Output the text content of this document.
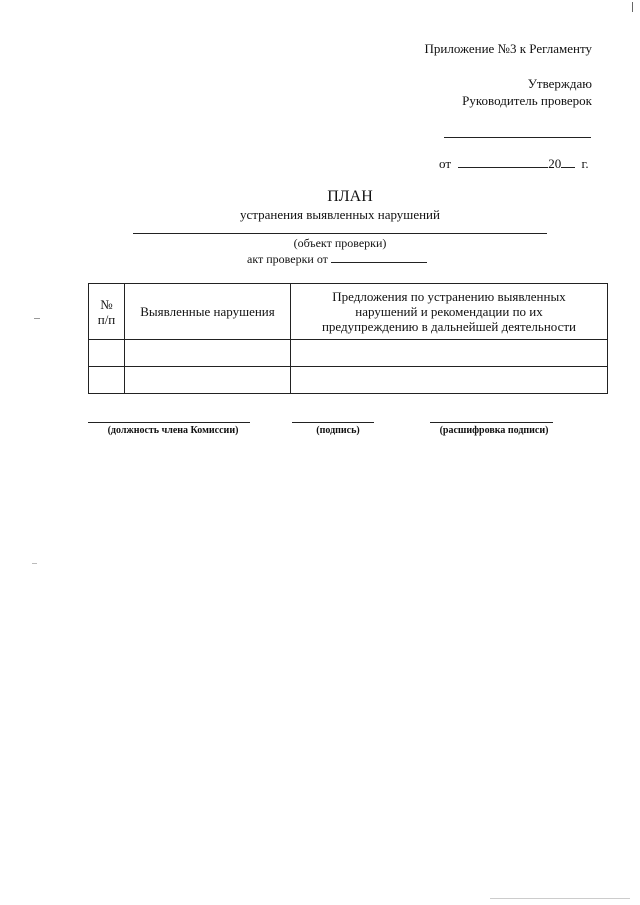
Приложение №3 к Регламенту
Утверждаю
Руководитель проверок
от	20 г.
ПЛАН
устранения выявленных нарушений
(объект проверки)
акт проверки от
№ п/п	Выявленные нарушения	Предложения по устранению выявленных нарушений и рекомендации по их предупреждению в дальнейшей деятельности

(должность члена Комиссии)	(подпись)	(расшифровка подписи)
